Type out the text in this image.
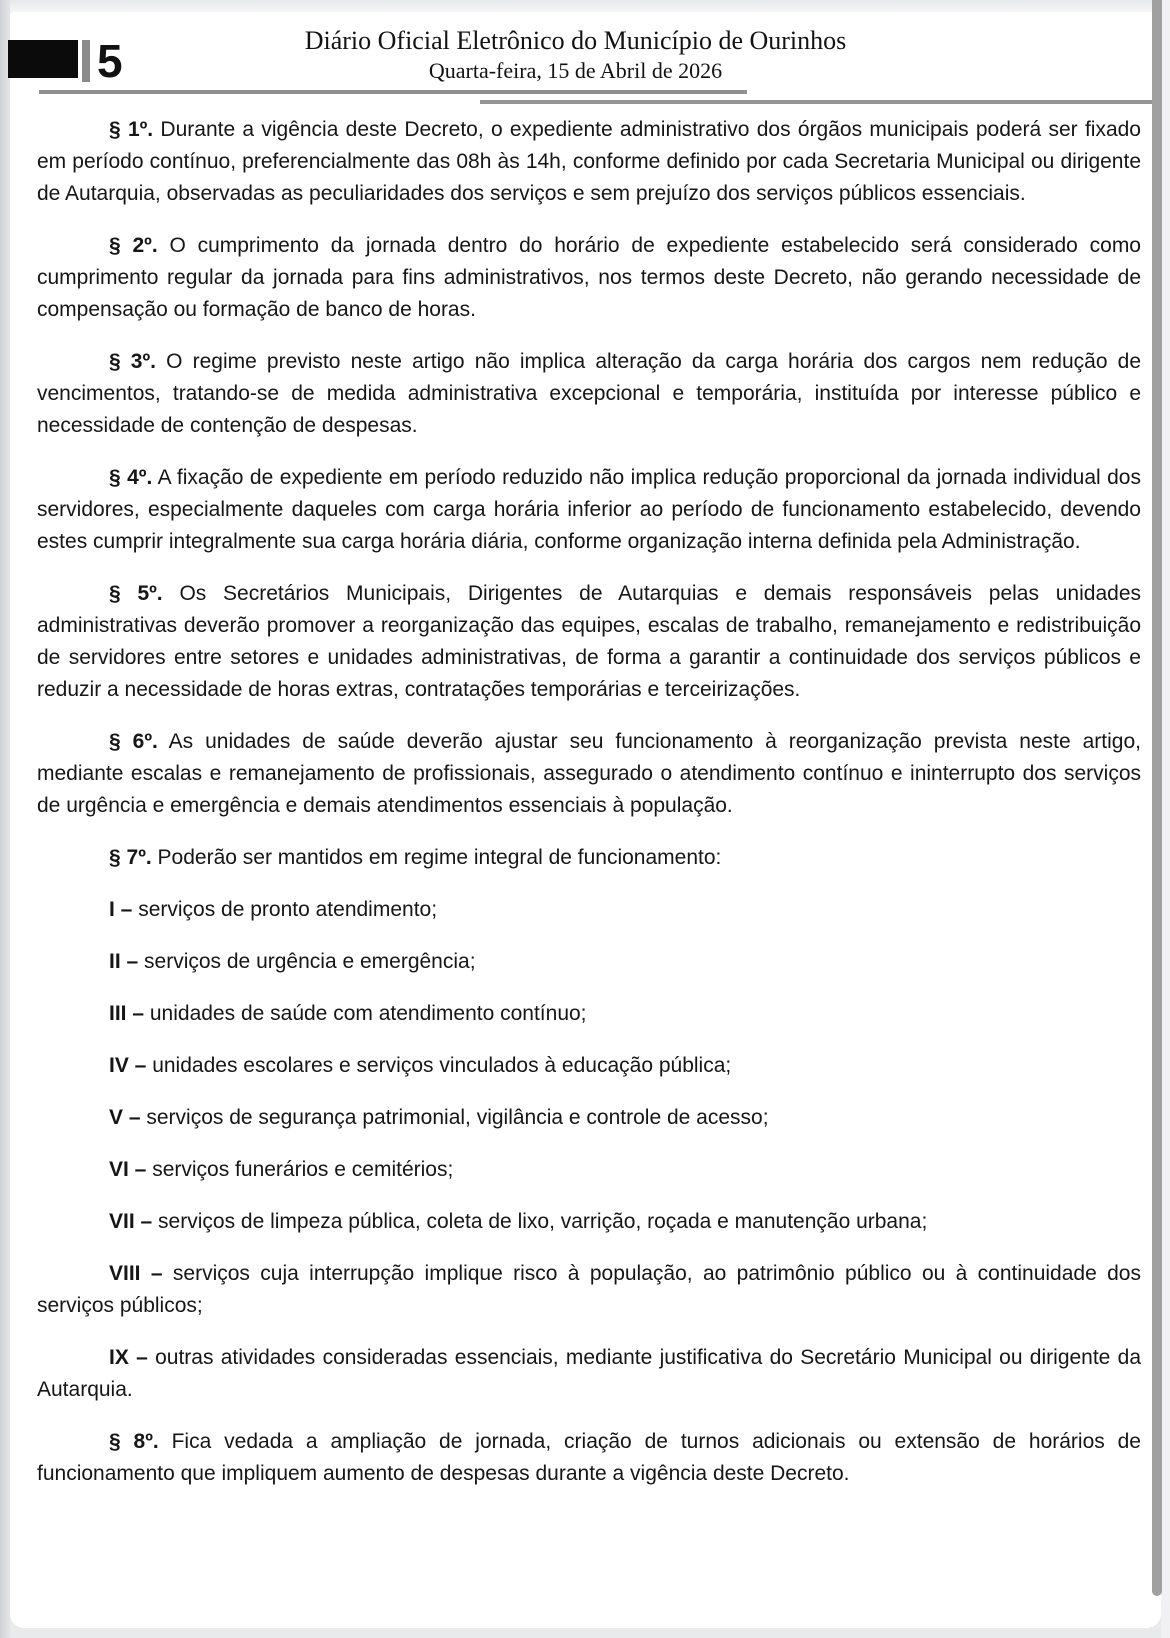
5	Diário Oficial Eletrônico do Município de Ourinhos
Quarta-feira, 15 de Abril de 2026

§ 1º. Durante a vigência deste Decreto, o expediente administrativo dos órgãos municipais poderá ser fixado em período contínuo, preferencialmente das 08h às 14h, conforme definido por cada Secretaria Municipal ou dirigente de Autarquia, observadas as peculiaridades dos serviços e sem prejuízo dos serviços públicos essenciais.

§ 2º. O cumprimento da jornada dentro do horário de expediente estabelecido será considerado como cumprimento regular da jornada para fins administrativos, nos termos deste Decreto, não gerando necessidade de compensação ou formação de banco de horas.

§ 3º. O regime previsto neste artigo não implica alteração da carga horária dos cargos nem redução de vencimentos, tratando-se de medida administrativa excepcional e temporária, instituída por interesse público e necessidade de contenção de despesas.

§ 4º. A fixação de expediente em período reduzido não implica redução proporcional da jornada individual dos servidores, especialmente daqueles com carga horária inferior ao período de funcionamento estabelecido, devendo estes cumprir integralmente sua carga horária diária, conforme organização interna definida pela Administração.

§ 5º. Os Secretários Municipais, Dirigentes de Autarquias e demais responsáveis pelas unidades administrativas deverão promover a reorganização das equipes, escalas de trabalho, remanejamento e redistribuição de servidores entre setores e unidades administrativas, de forma a garantir a continuidade dos serviços públicos e reduzir a necessidade de horas extras, contratações temporárias e terceirizações.

§ 6º. As unidades de saúde deverão ajustar seu funcionamento à reorganização prevista neste artigo, mediante escalas e remanejamento de profissionais, assegurado o atendimento contínuo e ininterrupto dos serviços de urgência e emergência e demais atendimentos essenciais à população.

§ 7º. Poderão ser mantidos em regime integral de funcionamento:

I – serviços de pronto atendimento;

II – serviços de urgência e emergência;

III – unidades de saúde com atendimento contínuo;

IV – unidades escolares e serviços vinculados à educação pública;

V – serviços de segurança patrimonial, vigilância e controle de acesso;

VI – serviços funerários e cemitérios;

VII – serviços de limpeza pública, coleta de lixo, varrição, roçada e manutenção urbana;

VIII – serviços cuja interrupção implique risco à população, ao patrimônio público ou à continuidade dos serviços públicos;

IX – outras atividades consideradas essenciais, mediante justificativa do Secretário Municipal ou dirigente da Autarquia.

§ 8º. Fica vedada a ampliação de jornada, criação de turnos adicionais ou extensão de horários de funcionamento que impliquem aumento de despesas durante a vigência deste Decreto.
